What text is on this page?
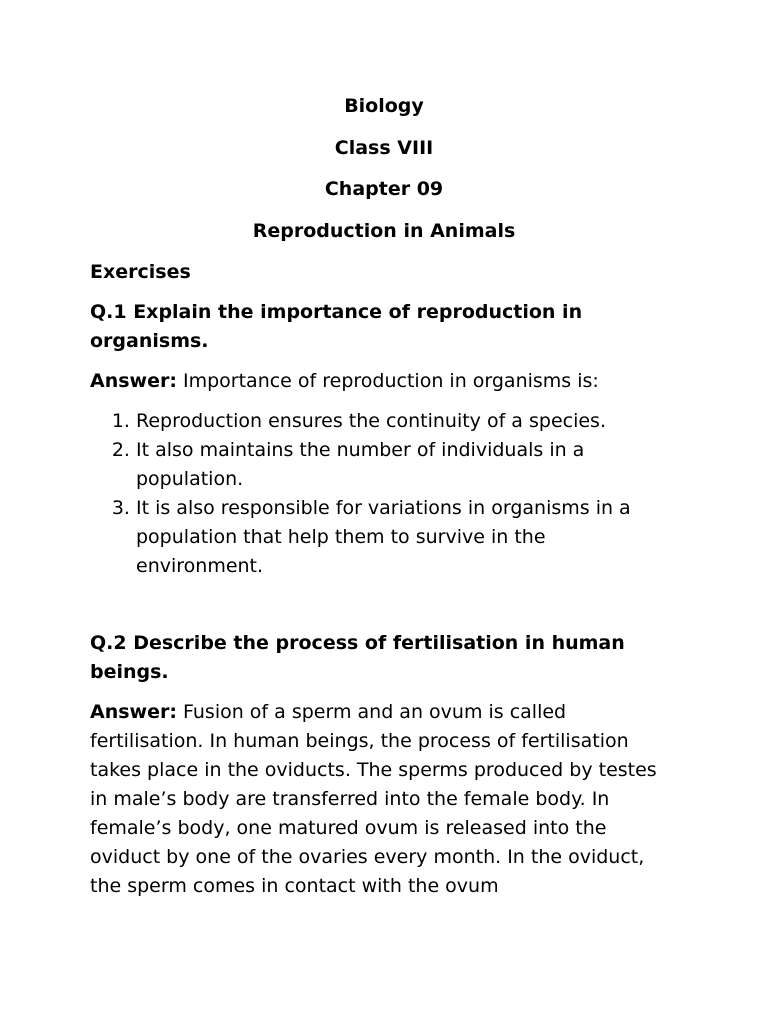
Biology

Class VIII

Chapter 09

Reproduction in Animals

Exercises

Q.1 Explain the importance of reproduction in organisms.

Answer: Importance of reproduction in organisms is:

1. Reproduction ensures the continuity of a species.
2. It also maintains the number of individuals in a population.
3. It is also responsible for variations in organisms in a population that help them to survive in the environment.

Q.2 Describe the process of fertilisation in human beings.

Answer: Fusion of a sperm and an ovum is called fertilisation. In human beings, the process of fertilisation takes place in the oviducts. The sperms produced by testes in male’s body are transferred into the female body. In female’s body, one matured ovum is released into the oviduct by one of the ovaries every month. In the oviduct, the sperm comes in contact with the ovum
